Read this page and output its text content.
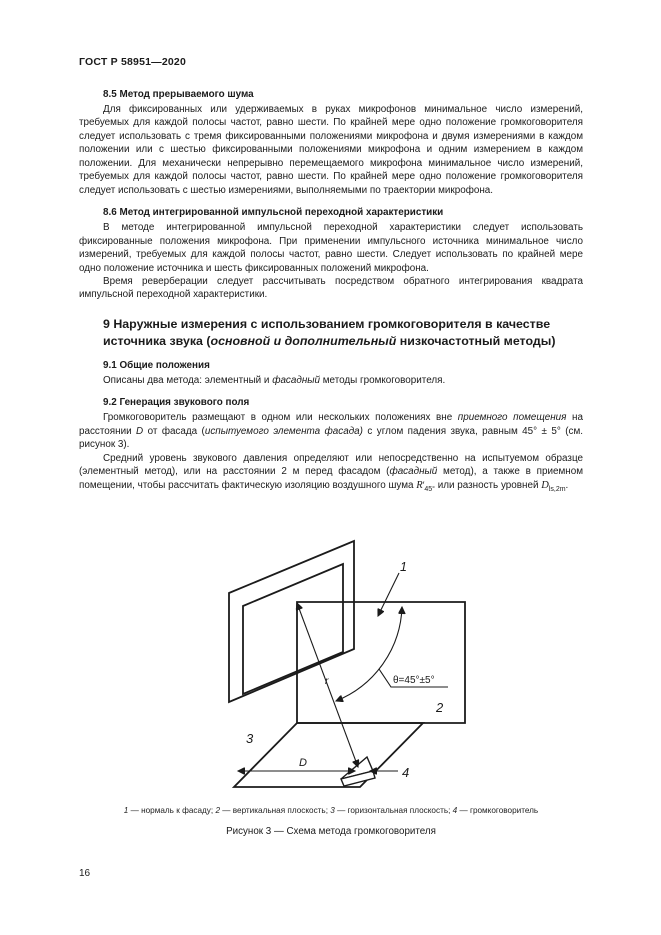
ГОСТ Р 58951—2020
8.5 Метод прерываемого шума

Для фиксированных или удерживаемых в руках микрофонов минимальное число измерений, требуемых для каждой полосы частот, равно шести. По крайней мере одно положение громкоговорителя следует использовать с тремя фиксированными положениями микрофона и двумя измерениями в каждом положении или с шестью фиксированными положениями микрофона и одним измерением в каждом положении. Для механически непрерывно перемещаемого микрофона минимальное число измерений, требуемых для каждой полосы частот, равно шести. По крайней мере одно положение громкоговорителя следует использовать с шестью измерениями, выполняемыми по траектории микрофона.

8.6 Метод интегрированной импульсной переходной характеристики

В методе интегрированной импульсной переходной характеристики следует использовать фиксированные положения микрофона. При применении импульсного источника минимальное число измерений, требуемых для каждой полосы частот, равно шести. Следует использовать по крайней мере одно положение источника и шесть фиксированных положений микрофона.

Время реверберации следует рассчитывать посредством обратного интегрирования квадрата импульсной переходной характеристики.

9 Наружные измерения с использованием громкоговорителя в качестве источника звука (основной и дополнительный низкочастотный методы)
9.1 Общие положения

Описаны два метода: элементный и фасадный методы громкоговорителя.

9.2 Генерация звукового поля

Громкоговоритель размещают в одном или нескольких положениях вне приемного помещения на расстоянии D от фасада (испытуемого элемента фасада) с углом падения звука, равным 45° ± 5° (см. рисунок 3).

Средний уровень звукового давления определяют или непосредственно на испытуемом образце (элементный метод), или на расстоянии 2 м перед фасадом (фасадный метод), а также в приемном помещении, чтобы рассчитать фактическую изоляцию воздушного шума $R'_{45^\circ}$ или разность уровней $D_{ls,2m}$.

1
2
3
4
D
r	θ=45°±5°
1 — нормаль к фасаду; 2 — вертикальная плоскость; 3 — горизонтальная плоскость; 4 — громкоговоритель
Рисунок 3 — Схема метода громкоговорителя
16
